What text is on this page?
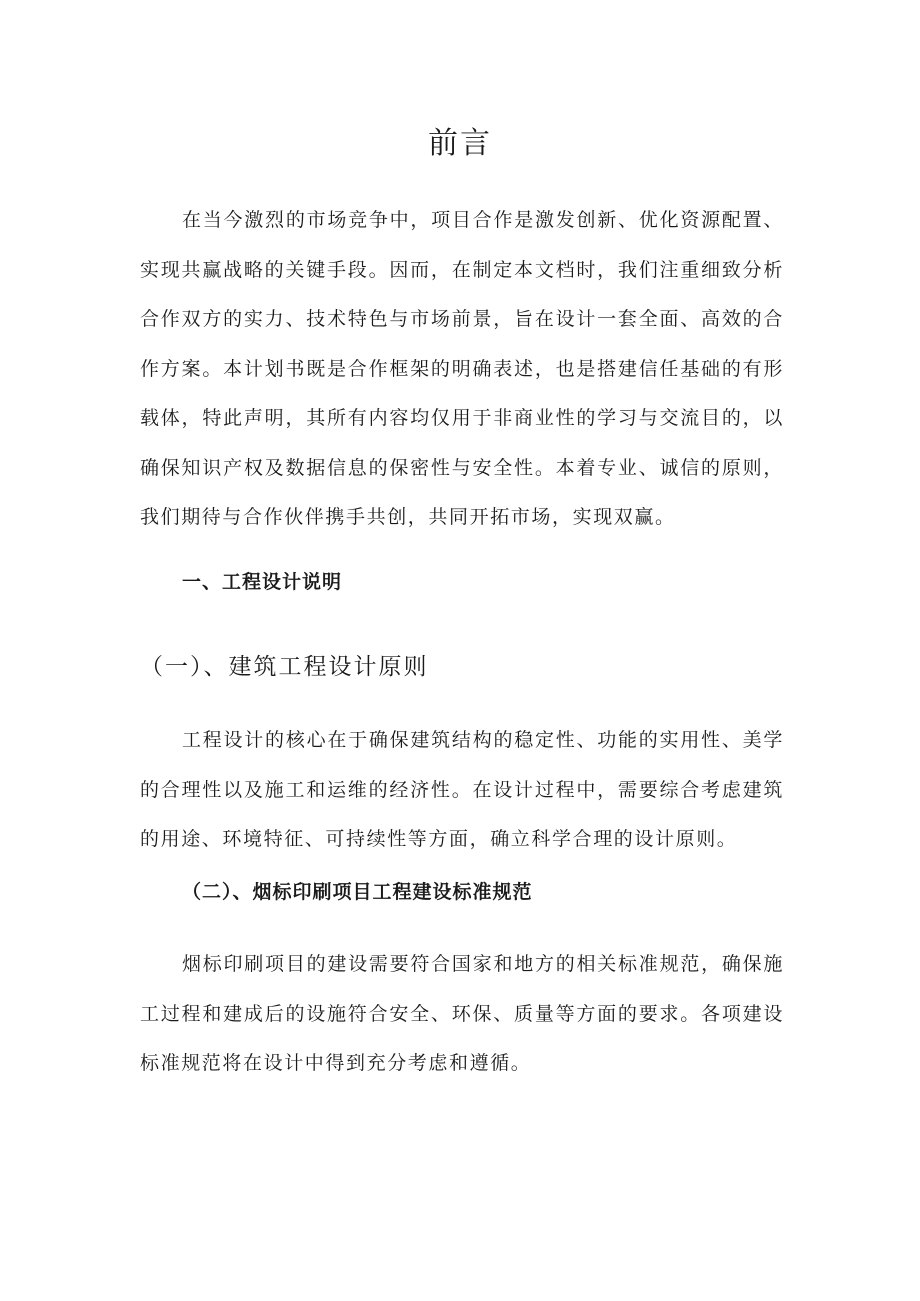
前言

在当今激烈的市场竞争中，项目合作是激发创新、优化资源配置、实现共赢战略的关键手段。因而，在制定本文档时，我们注重细致分析合作双方的实力、技术特色与市场前景，旨在设计一套全面、高效的合作方案。本计划书既是合作框架的明确表述，也是搭建信任基础的有形载体，特此声明，其所有内容均仅用于非商业性的学习与交流目的，以确保知识产权及数据信息的保密性与安全性。本着专业、诚信的原则，我们期待与合作伙伴携手共创，共同开拓市场，实现双赢。

一、工程设计说明
（一）、建筑工程设计原则

工程设计的核心在于确保建筑结构的稳定性、功能的实用性、美学的合理性以及施工和运维的经济性。在设计过程中，需要综合考虑建筑的用途、环境特征、可持续性等方面，确立科学合理的设计原则。

（二）、烟标印刷项目工程建设标准规范

烟标印刷项目的建设需要符合国家和地方的相关标准规范，确保施工过程和建成后的设施符合安全、环保、质量等方面的要求。各项建设标准规范将在设计中得到充分考虑和遵循。
